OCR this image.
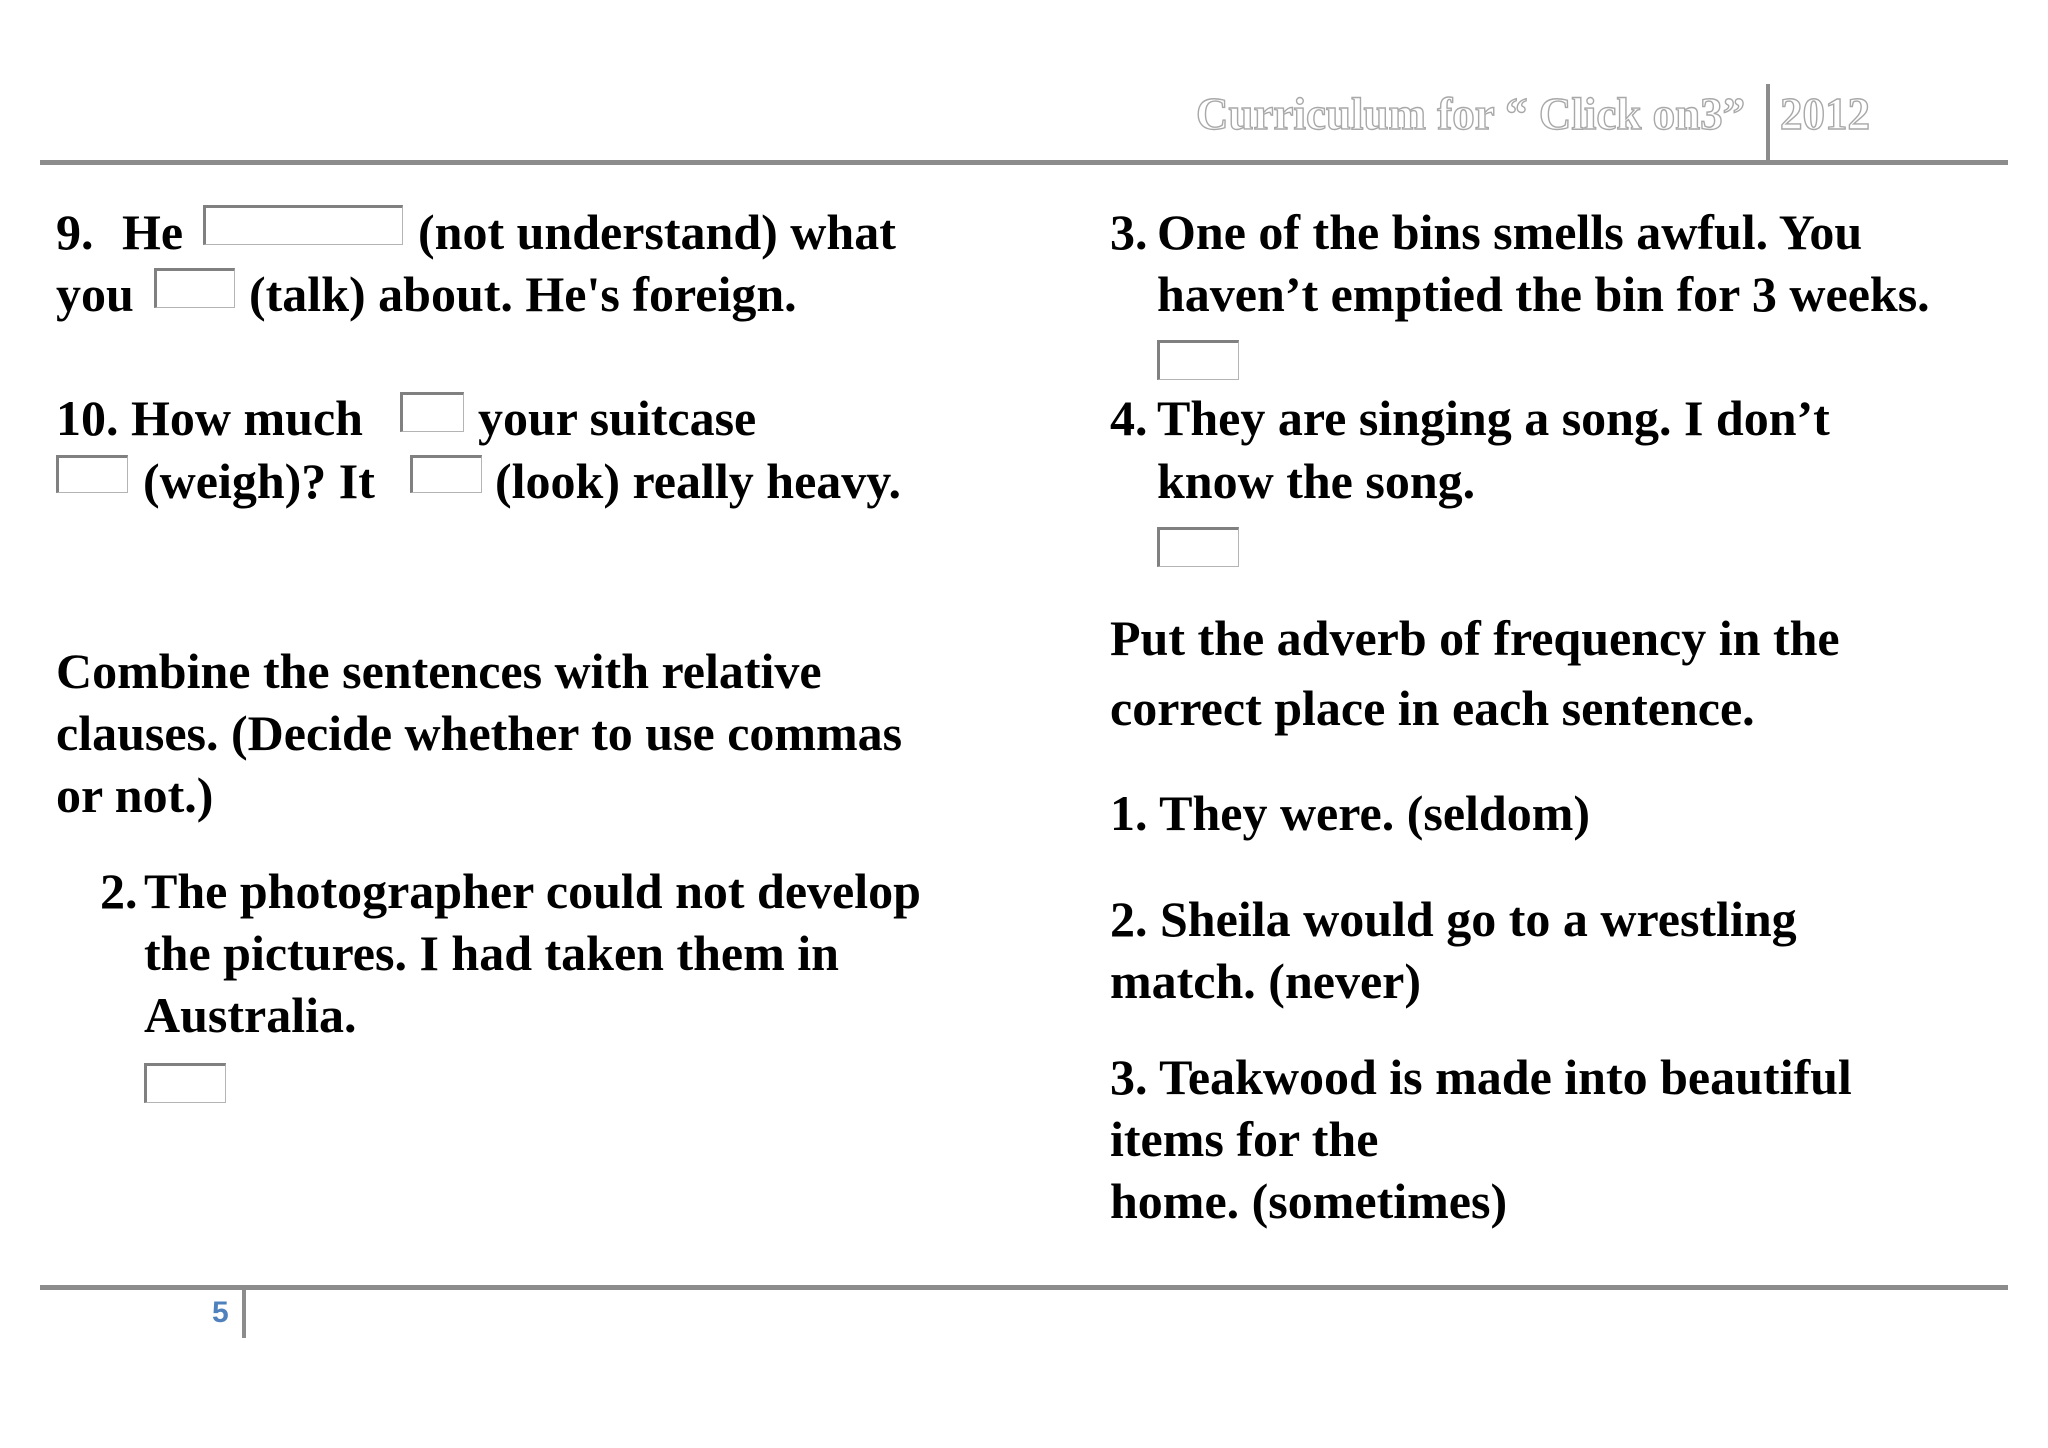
Curriculum for “ Click on3” 2012
9. He	(not understand) what
you (talk) about. He's foreign.
10. How much your suitcase
(weigh)? It (look) really heavy.
Combine the sentences with relative
clauses. (Decide whether to use commas
or not.)
2. The photographer could not develop
the pictures. I had taken them in
Australia.
3. One of the bins smells awful. You
haven’t emptied the bin for 3 weeks.
4. They are singing a song. I don’t
know the song.
Put the adverb of frequency in the
correct place in each sentence.
1. They were. (seldom)
2. Sheila would go to a wrestling
match. (never)
3. Teakwood is made into beautiful
items for the
home. (sometimes)
5
